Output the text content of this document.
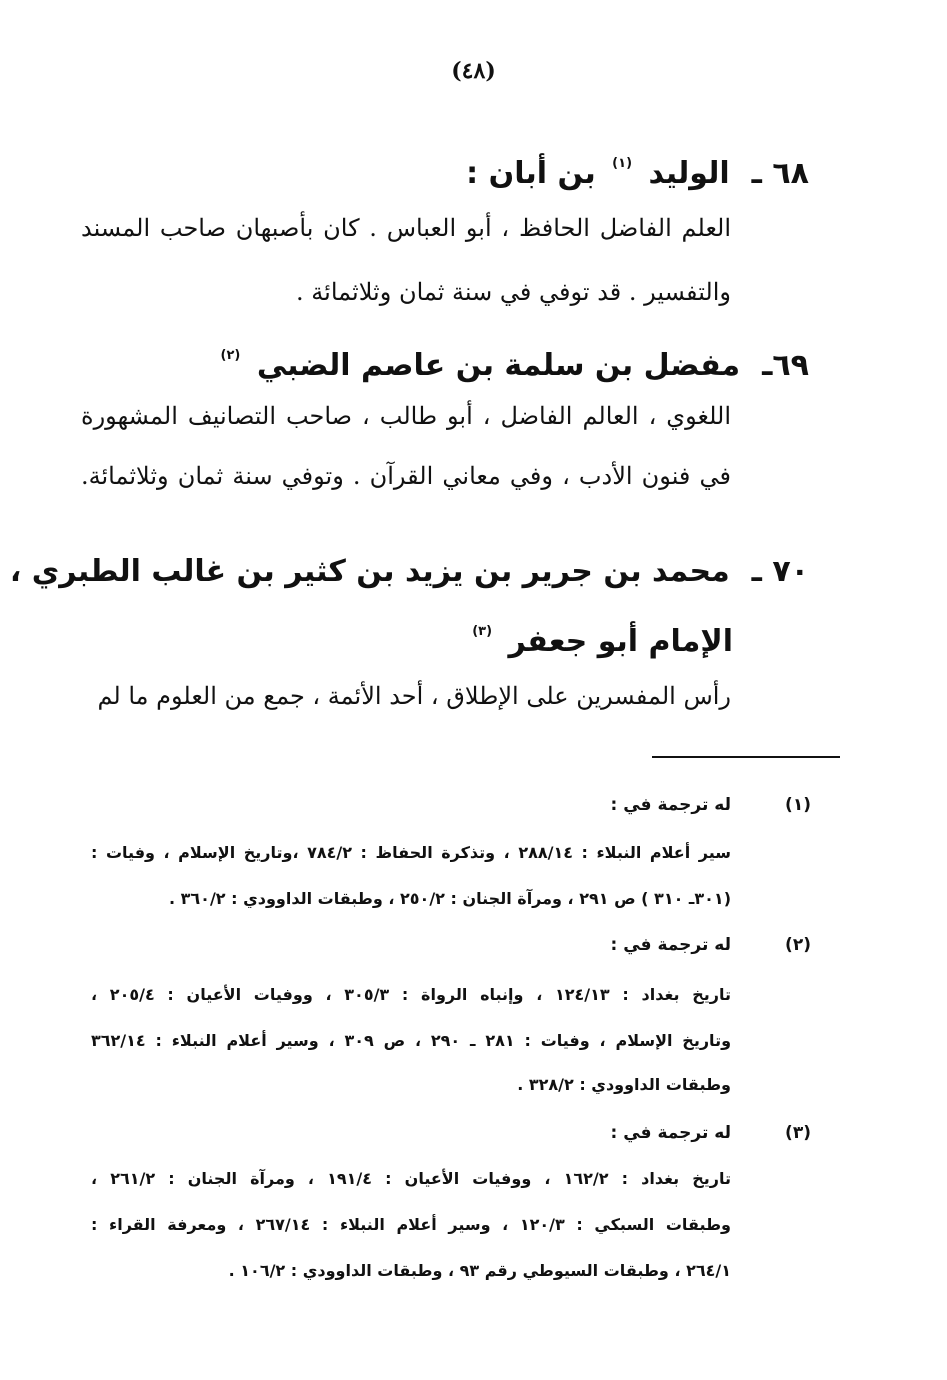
(٤٨)
٦٨ ـالوليد $^{(١)}$ بن أبان :
العلم الفاضل الحافظ ، أبو العباس . كان بأصبهان صاحب المسند
والتفسير . قد توفي في سنة ثمان وثلاثمائة .
٦٩ـمفضل بن سلمة بن عاصم الضبي $^{(٢)}$
اللغوي ، العالم الفاضل ، أبو طالب ، صاحب التصانيف المشهورة
في فنون الأدب ، وفي معاني القرآن . وتوفي سنة ثمان وثلاثمائة.
٧٠ ـمحمد بن جرير بن يزيد بن كثير بن غالب الطبري ،
الإمام أبو جعفر $^{(٣)}$
رأس المفسرين على الإطلاق ، أحد الأئمة ، جمع من العلوم ما لم
(١)
له ترجمة في :
سير أعلام النبلاء : ٢٨٨/١٤ ، وتذكرة الحفاظ : ٧٨٤/٢ ،وتاريخ الإسلام ، وفيات :
(٣٠١ـ ٣١٠ ) ص ٢٩١ ، ومرآة الجنان : ٢٥٠/٢ ، وطبقات الداوودي : ٣٦٠/٢ .
(٢)
له ترجمة في :
تاريخ بغداد : ١٢٤/١٣ ، وإنباه الرواة : ٣٠٥/٣ ، ووفيات الأعيان : ٢٠٥/٤ ،
وتاريخ الإسلام ، وفيات : ٢٨١ ـ ٢٩٠ ، ص ٣٠٩ ، وسير أعلام النبلاء : ٣٦٢/١٤
وطبقات الداوودي : ٣٢٨/٢ .
(٣)
له ترجمة في :
تاريخ بغداد : ١٦٢/٢ ، ووفيات الأعيان : ١٩١/٤ ، ومرآة الجنان : ٢٦١/٢ ،
وطبقات السبكي : ١٢٠/٣ ، وسير أعلام النبلاء : ٢٦٧/١٤ ، ومعرفة القراء :
٢٦٤/١ ، وطبقات السيوطي رقم ٩٣ ، وطبقات الداوودي : ١٠٦/٢ .
